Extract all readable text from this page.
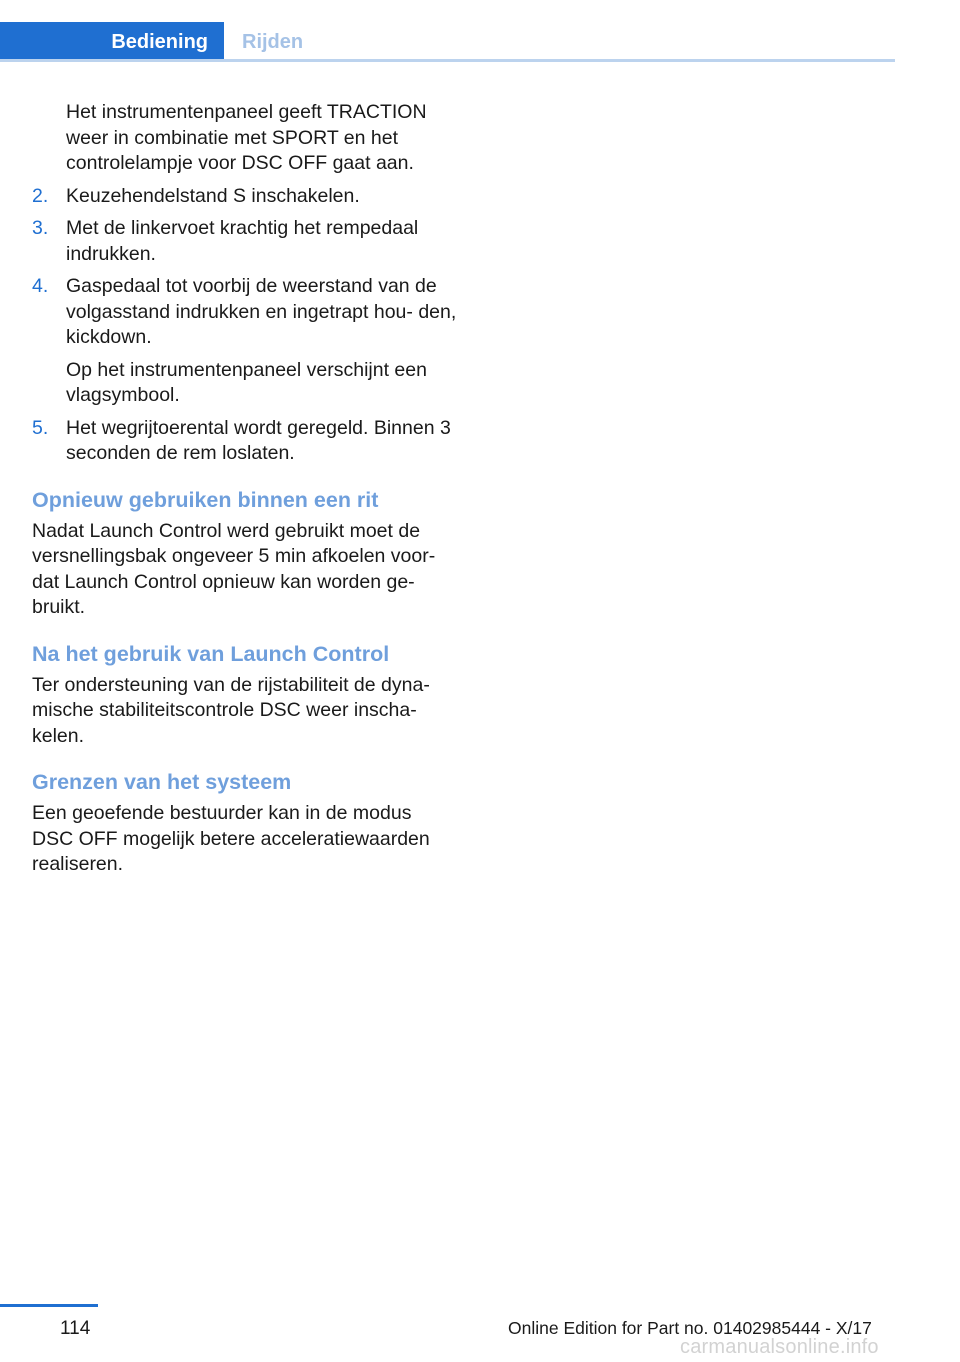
Bediening Rijden

Het instrumentenpaneel geeft TRACTION weer in combinatie met SPORT en het controlelampje voor DSC OFF gaat aan.

2. Keuzehendelstand S inschakelen.
3. Met de linkervoet krachtig het rempedaal indrukken.
4. Gaspedaal tot voorbij de weerstand van de volgasstand indrukken en ingetrapt hou- den, kickdown.

Op het instrumentenpaneel verschijnt een vlagsymbool.

5. Het wegrijtoerental wordt geregeld. Binnen 3 seconden de rem loslaten.
Opnieuw gebruiken binnen een rit

Nadat Launch Control werd gebruikt moet de versnellingsbak ongeveer 5 min afkoelen voor- dat Launch Control opnieuw kan worden ge- bruikt.

Na het gebruik van Launch Control

Ter ondersteuning van de rijstabiliteit de dyna- mische stabiliteitscontrole DSC weer inscha- kelen.

Grenzen van het systeem

Een geoefende bestuurder kan in de modus DSC OFF mogelijk betere acceleratiewaarden realiseren.

114	Online Edition for Part no. 01402985444 - X/17
carmanualsonline.info
